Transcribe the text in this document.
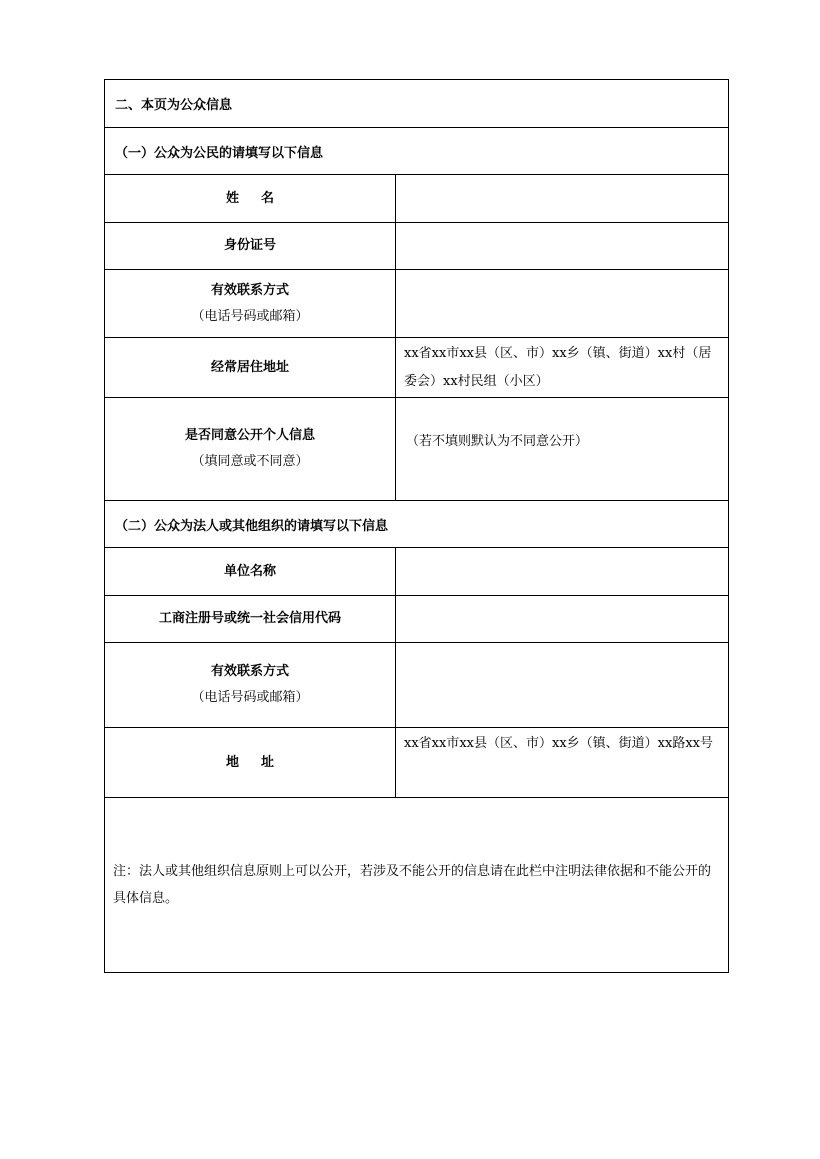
二、本页为公众信息	
（一）公众为公民的请填写以下信息	

姓名	

身份证号	

有效联系方式
（电话号码或邮箱）	

经常居住地址	xx省xx市xx县（区、市）xx乡（镇、街道）xx村（居委会）xx村民组（小区）

是否同意公开个人信息
（填同意或不同意）	（若不填则默认为不同意公开）
（二）公众为法人或其他组织的请填写以下信息	

单位名称	

工商注册号或统一社会信用代码	

有效联系方式
（电话号码或邮箱）	

地址	xx省xx市xx县（区、市）xx乡（镇、街道）xx路xx号
注：法人或其他组织信息原则上可以公开，若涉及不能公开的信息请在此栏中注明法律依据和不能公开的具体信息。	
